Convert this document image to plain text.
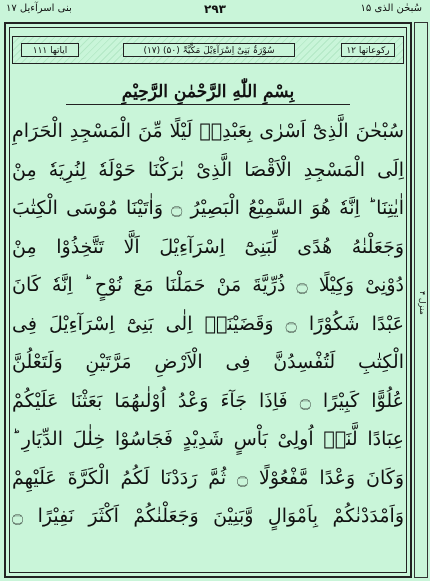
بنی اسرآءیل ۱۷	۲۹۳	سُبحٰن الذی ۱۵
منزل ۴
ایاتھا ۱۱۱	(۱۷) سُوْرَۃُ بَنِیْ اِسْرَآءِیْلَ مَکِّیَّۃٌ (۵۰)	رکوعاتھا ۱۲
بِسْمِ اللّٰهِ الرَّحْمٰنِ الرَّحِيْمِ
سُبْحٰنَ الَّذِیْٓ اَسْرٰی بِعَبْدِهٖ لَیْلًا مِّنَ الْمَسْجِدِ الْحَرَامِ
اِلَی الْمَسْجِدِ الْاَقْصَا الَّذِیْ بٰرَكْنَا حَوْلَهٗ لِنُرِیَهٗ مِنْ
اٰیٰتِنَا ؕ اِنَّهٗ هُوَ السَّمِیْعُ الْبَصِیْرُ ۝ وَاٰتَیْنَا مُوْسَی الْكِتٰبَ
وَجَعَلْنٰهُ هُدًی لِّبَنِیْٓ اِسْرَآءِیْلَ اَلَّا تَتَّخِذُوْا مِنْ
دُوْنِیْ وَكِیْلًا ۝ ذُرِّیَّةَ مَنْ حَمَلْنَا مَعَ نُوْحٍ ؕ اِنَّهٗ كَانَ
عَبْدًا شَكُوْرًا ۝ وَقَضَیْنَاۤ اِلٰی بَنِیْٓ اِسْرَآءِیْلَ فِی
الْكِتٰبِ لَتُفْسِدُنَّ فِی الْاَرْضِ مَرَّتَیْنِ وَلَتَعْلُنَّ
عُلُوًّا كَبِیْرًا ۝ فَاِذَا جَآءَ وَعْدُ اُوْلٰىهُمَا بَعَثْنَا عَلَیْكُمْ
عِبَادًا لَّنَاۤ اُولِیْ بَاْسٍ شَدِیْدٍ فَجَاسُوْا خِلٰلَ الدِّیَارِ ؕ
وَكَانَ وَعْدًا مَّفْعُوْلًا ۝ ثُمَّ رَدَدْنَا لَكُمُ الْكَرَّةَ عَلَیْهِمْ
وَاَمْدَدْنٰكُمْ بِاَمْوَالٍ وَّبَنِیْنَ وَجَعَلْنٰكُمْ اَكْثَرَ نَفِیْرًا ۝
